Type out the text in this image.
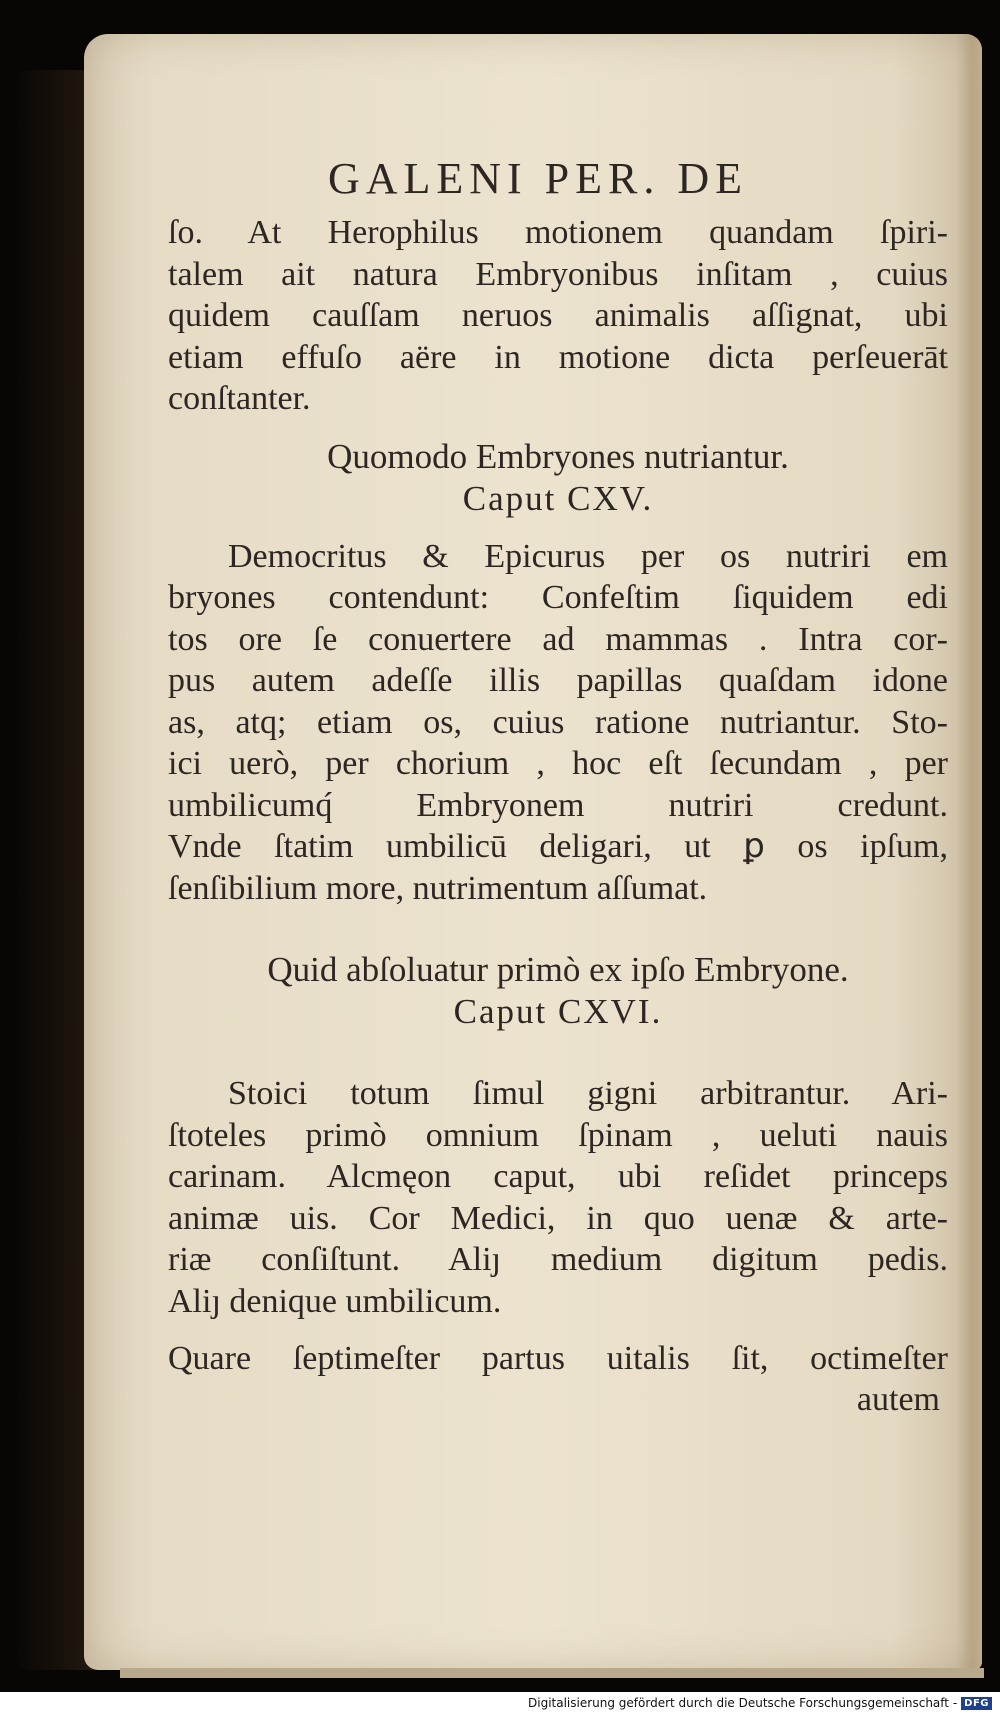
GALENI PER. DE
ſo. At Herophilus motionem quandam ſpiri‑
talem ait natura Embryonibus inſitam , cuius
quidem cauſſam neruos animalis aſſignat, ubi
etiam effuſo aëre in motione dicta perſeuerāt
conſtanter.
Quomodo Embryones nutriantur.
Caput CXV.
Democritus & Epicurus per os nutriri em
bryones contendunt: Confeſtim ſiquidem edi
tos ore ſe conuertere ad mammas . Intra cor‑
pus autem adeſſe illis papillas quaſdam idone
as, atq; etiam os, cuius ratione nutriantur. Sto‑
ici uerò, per chorium , hoc eſt ſecundam , per
umbilicumq́ Embryonem nutriri credunt.
Vnde ſtatim umbilicū deligari, ut ꝑ os ipſum,
ſenſibilium more, nutrimentum aſſumat.
Quid abſoluatur primò ex ipſo Embryone.
Caput CXVI.
Stoici totum ſimul gigni arbitrantur. Ari‑
ſtoteles primò omnium ſpinam , ueluti nauis
carinam. Alcmęon caput, ubi reſidet princeps
animæ uis. Cor Medici, in quo uenæ & arte‑
riæ conſiſtunt. Aliȷ medium digitum pedis.
Aliȷ denique umbilicum.
Quare ſeptimeſter partus uitalis ſit, octimeſter
autem
Digitalisierung gefördert durch die Deutsche Forschungsgemeinschaft - DFG
